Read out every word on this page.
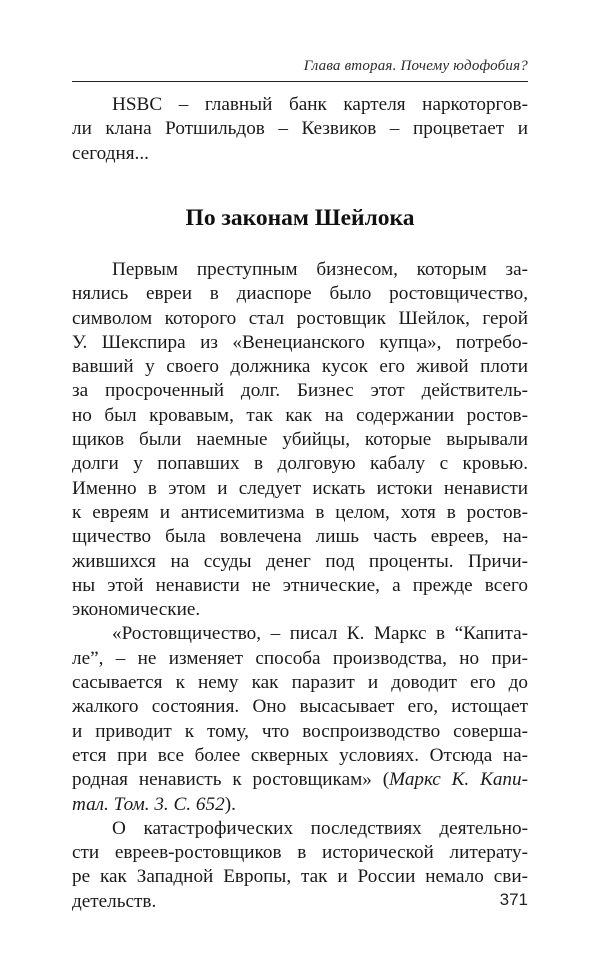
Глава вторая. Почему юдофобия?
HSBC – главный банк картеля наркоторгов-
ли клана Ротшильдов – Кезвиков – процветает и
сегодня...
По законам Шейлока
Первым преступным бизнесом, которым за-
нялись евреи в диаспоре было ростовщичество,
символом которого стал ростовщик Шейлок, герой
У. Шекспира из «Венецианского купца», потребо-
вавший у своего должника кусок его живой плоти
за просроченный долг. Бизнес этот действитель-
но был кровавым, так как на содержании ростов-
щиков были наемные убийцы, которые вырывали
долги у попавших в долговую кабалу с кровью.
Именно в этом и следует искать истоки ненависти
к евреям и антисемитизма в целом, хотя в ростов-
щичество была вовлечена лишь часть евреев, на-
жившихся на ссуды денег под проценты. Причи-
ны этой ненависти не этнические, а прежде всего
экономические.
«Ростовщичество, – писал К. Маркс в “Капита-
ле”, – не изменяет способа производства, но при-
сасывается к нему как паразит и доводит его до
жалкого состояния. Оно высасывает его, истощает
и приводит к тому, что воспроизводство соверша-
ется при все более скверных условиях. Отсюда на-
родная ненависть к ростовщикам» (Маркс К. Капи-
тал. Том. 3. С. 652).
О катастрофических последствиях деятельно-
сти евреев-ростовщиков в исторической литерату-
ре как Западной Европы, так и России немало сви-
детельств.	371
